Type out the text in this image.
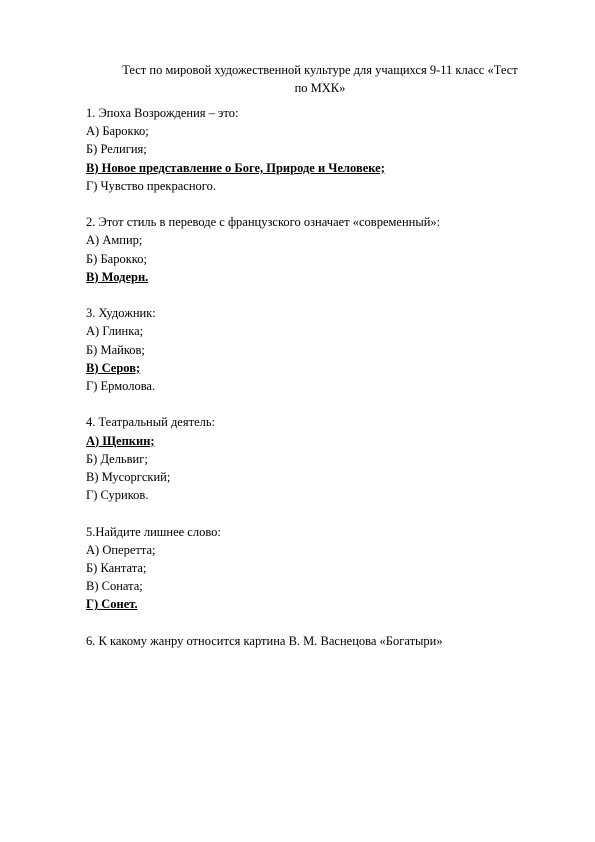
Тест по мировой художественной культуре для учащихся 9-11 класс «Тест
по МХК»
1. Эпоха Возрождения – это:
А) Барокко;
Б) Религия;
В) Новое представление о Боге, Природе и Человеке;
Г) Чувство прекрасного.
2. Этот стиль в переводе с французского означает «современный»:
А) Ампир;
Б) Барокко;
В) Модерн.
3. Художник:
А) Глинка;
Б) Майков;
В) Серов;
Г) Ермолова.
4. Театральный деятель:
А) Щепкин;
Б) Дельвиг;
В) Мусоргский;
Г) Суриков.
5.Найдите лишнее слово:
А) Оперетта;
Б) Кантата;
В) Соната;
Г) Сонет.
6. К какому жанру относится картина В. М. Васнецова «Богатыри»
